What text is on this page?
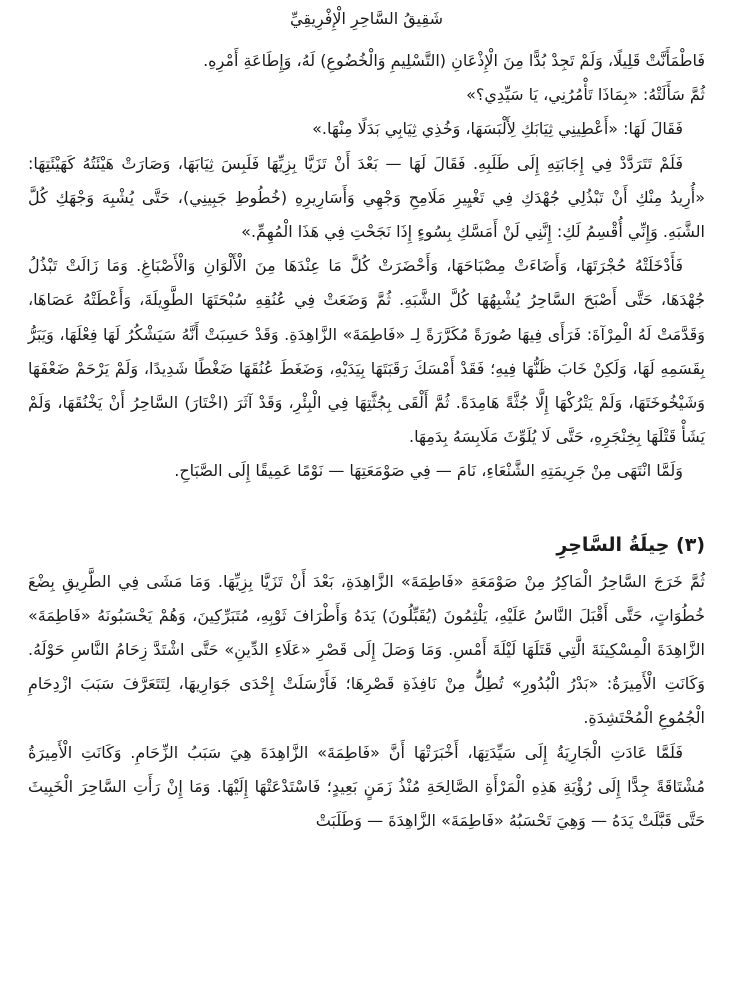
شَقِيقُ السَّاحِرِ الْإِفْرِيقِيِّ

فَاطْمَأَنَّتْ قَلِيلًا، وَلَمْ تَجِدْ بُدًّا مِنَ الْإِذْعَانِ (التَّسْلِيمِ وَالْخُضُوعِ) لَهُ، وَإِطَاعَةِ أَمْرِهِ.

ثُمَّ سَأَلَتْهُ: «بِمَاذَا تَأْمُرُنِي، يَا سَيِّدِي؟»

فَقَالَ لَهَا: «أَعْطِينِي ثِيَابَكِ لِأَلْبَسَهَا، وَخُذِي ثِيَابِي بَدَلًا مِنْهَا.»

فَلَمْ تَتَرَدَّدْ فِي إِجَابَتِهِ إِلَى طَلَبِهِ. فَقَالَ لَهَا — بَعْدَ أَنْ تَزَيَّا بِزِيِّهَا فَلَبِسَ ثِيَابَهَا، وَصَارَتْ هَيْئَتُهُ كَهَيْئَتِهَا: «أُرِيدُ مِنْكِ أَنْ تَبْذُلِي جُهْدَكِ فِي تَغْيِيرِ مَلَامِحِ وَجْهِي وَأَسَارِيرِهِ (خُطُوطِ جَبِينِي)، حَتَّى يُشْبِهَ وَجْهَكِ كُلَّ الشَّبَهِ. وَإِنِّي أُقْسِمُ لَكِ: إِنَّنِي لَنْ أَمَسَّكِ بِسُوءٍ إِذَا نَجَحْتِ فِي هَذَا الْمُهِمِّ.»

فَأَدْخَلَتْهُ حُجْرَتَهَا، وَأَضَاءَتْ مِصْبَاحَهَا، وَأَحْضَرَتْ كُلَّ مَا عِنْدَهَا مِنَ الْأَلْوَانِ وَالْأَصْبَاغِ. وَمَا زَالَتْ تَبْذُلُ جُهْدَهَا، حَتَّى أَصْبَحَ السَّاحِرُ يُشْبِهُهَا كُلَّ الشَّبَهِ. ثُمَّ وَضَعَتْ فِي عُنُقِهِ سُبْحَتَهَا الطَّوِيلَةَ، وَأَعْطَتْهُ عَصَاهَا، وَقَدَّمَتْ لَهُ الْمِرْآةَ: فَرَأَى فِيهَا صُورَةً مُكَرَّرَةً لِـ «فَاطِمَةَ» الزَّاهِدَةِ. وَقَدْ حَسِبَتْ أَنَّهُ سَيَشْكُرُ لَهَا فِعْلَهَا، وَيَبَرُّ بِقَسَمِهِ لَهَا، وَلَكِنْ خَابَ ظَنُّهَا فِيهِ؛ فَقَدْ أَمْسَكَ رَقَبَتَهَا بِيَدَيْهِ، وَضَغَطَ عُنُقَهَا ضَغْطًا شَدِيدًا، وَلَمْ يَرْحَمْ ضَعْفَهَا وَشَيْخُوخَتَهَا، وَلَمْ يَتْرُكْهَا إِلَّا جُثَّةً هَامِدَةً. ثُمَّ أَلْقَى بِجُثَّتِهَا فِي الْبِئْرِ، وَقَدْ آثَرَ (اخْتَارَ) السَّاحِرُ أَنْ يَخْنُقَهَا، وَلَمْ يَشَأْ قَتْلَهَا بِخِنْجَرِهِ، حَتَّى لَا يُلَوِّثَ مَلَابِسَهُ بِدَمِهَا.

وَلَمَّا انْتَهَى مِنْ جَرِيمَتِهِ الشَّنْعَاءِ، نَامَ — فِي صَوْمَعَتِهَا — نَوْمًا عَمِيقًا إِلَى الصَّبَاحِ.

(٣) حِيلَةُ السَّاحِرِ

ثُمَّ خَرَجَ السَّاحِرُ الْمَاكِرُ مِنْ صَوْمَعَةِ «فَاطِمَةَ» الزَّاهِدَةِ، بَعْدَ أَنْ تَزَيَّا بِزِيِّهَا. وَمَا مَشَى فِي الطَّرِيقِ بِضْعَ خُطُوَاتٍ، حَتَّى أَقْبَلَ النَّاسُ عَلَيْهِ، يَلْثِمُونَ (يُقَبِّلُونَ) يَدَهُ وَأَطْرَافَ ثَوْبِهِ، مُتَبَرِّكِينَ، وَهُمْ يَحْسَبُونَهُ «فَاطِمَةَ» الزَّاهِدَةَ الْمِسْكِينَةَ الَّتِي قَتَلَهَا لَيْلَةَ أَمْسِ. وَمَا وَصَلَ إِلَى قَصْرِ «عَلَاءِ الدِّينِ» حَتَّى اشْتَدَّ زِحَامُ النَّاسِ حَوْلَهُ. وَكَانَتِ الْأَمِيرَةُ: «بَدْرُ الْبُدُورِ» تُطِلُّ مِنْ نَافِذَةِ قَصْرِهَا؛ فَأَرْسَلَتْ إِحْدَى جَوَارِيهَا، لِتَتَعَرَّفَ سَبَبَ ازْدِحَامِ الْجُمُوعِ الْمُحْتَشِدَةِ.

فَلَمَّا عَادَتِ الْجَارِيَةُ إِلَى سَيِّدَتِهَا، أَخْبَرَتْهَا أَنَّ «فَاطِمَةَ» الزَّاهِدَةَ هِيَ سَبَبُ الزِّحَامِ. وَكَانَتِ الْأَمِيرَةُ مُشْتَاقَةً جِدًّا إِلَى رُؤْيَةِ هَذِهِ الْمَرْأَةِ الصَّالِحَةِ مُنْذُ زَمَنٍ بَعِيدٍ؛ فَاسْتَدْعَتْهَا إِلَيْهَا. وَمَا إِنْ رَأَتِ السَّاحِرَ الْخَبِيثَ حَتَّى قَبَّلَتْ يَدَهُ — وَهِيَ تَحْسَبُهُ «فَاطِمَةَ» الزَّاهِدَةَ — وَطَلَبَتْ
